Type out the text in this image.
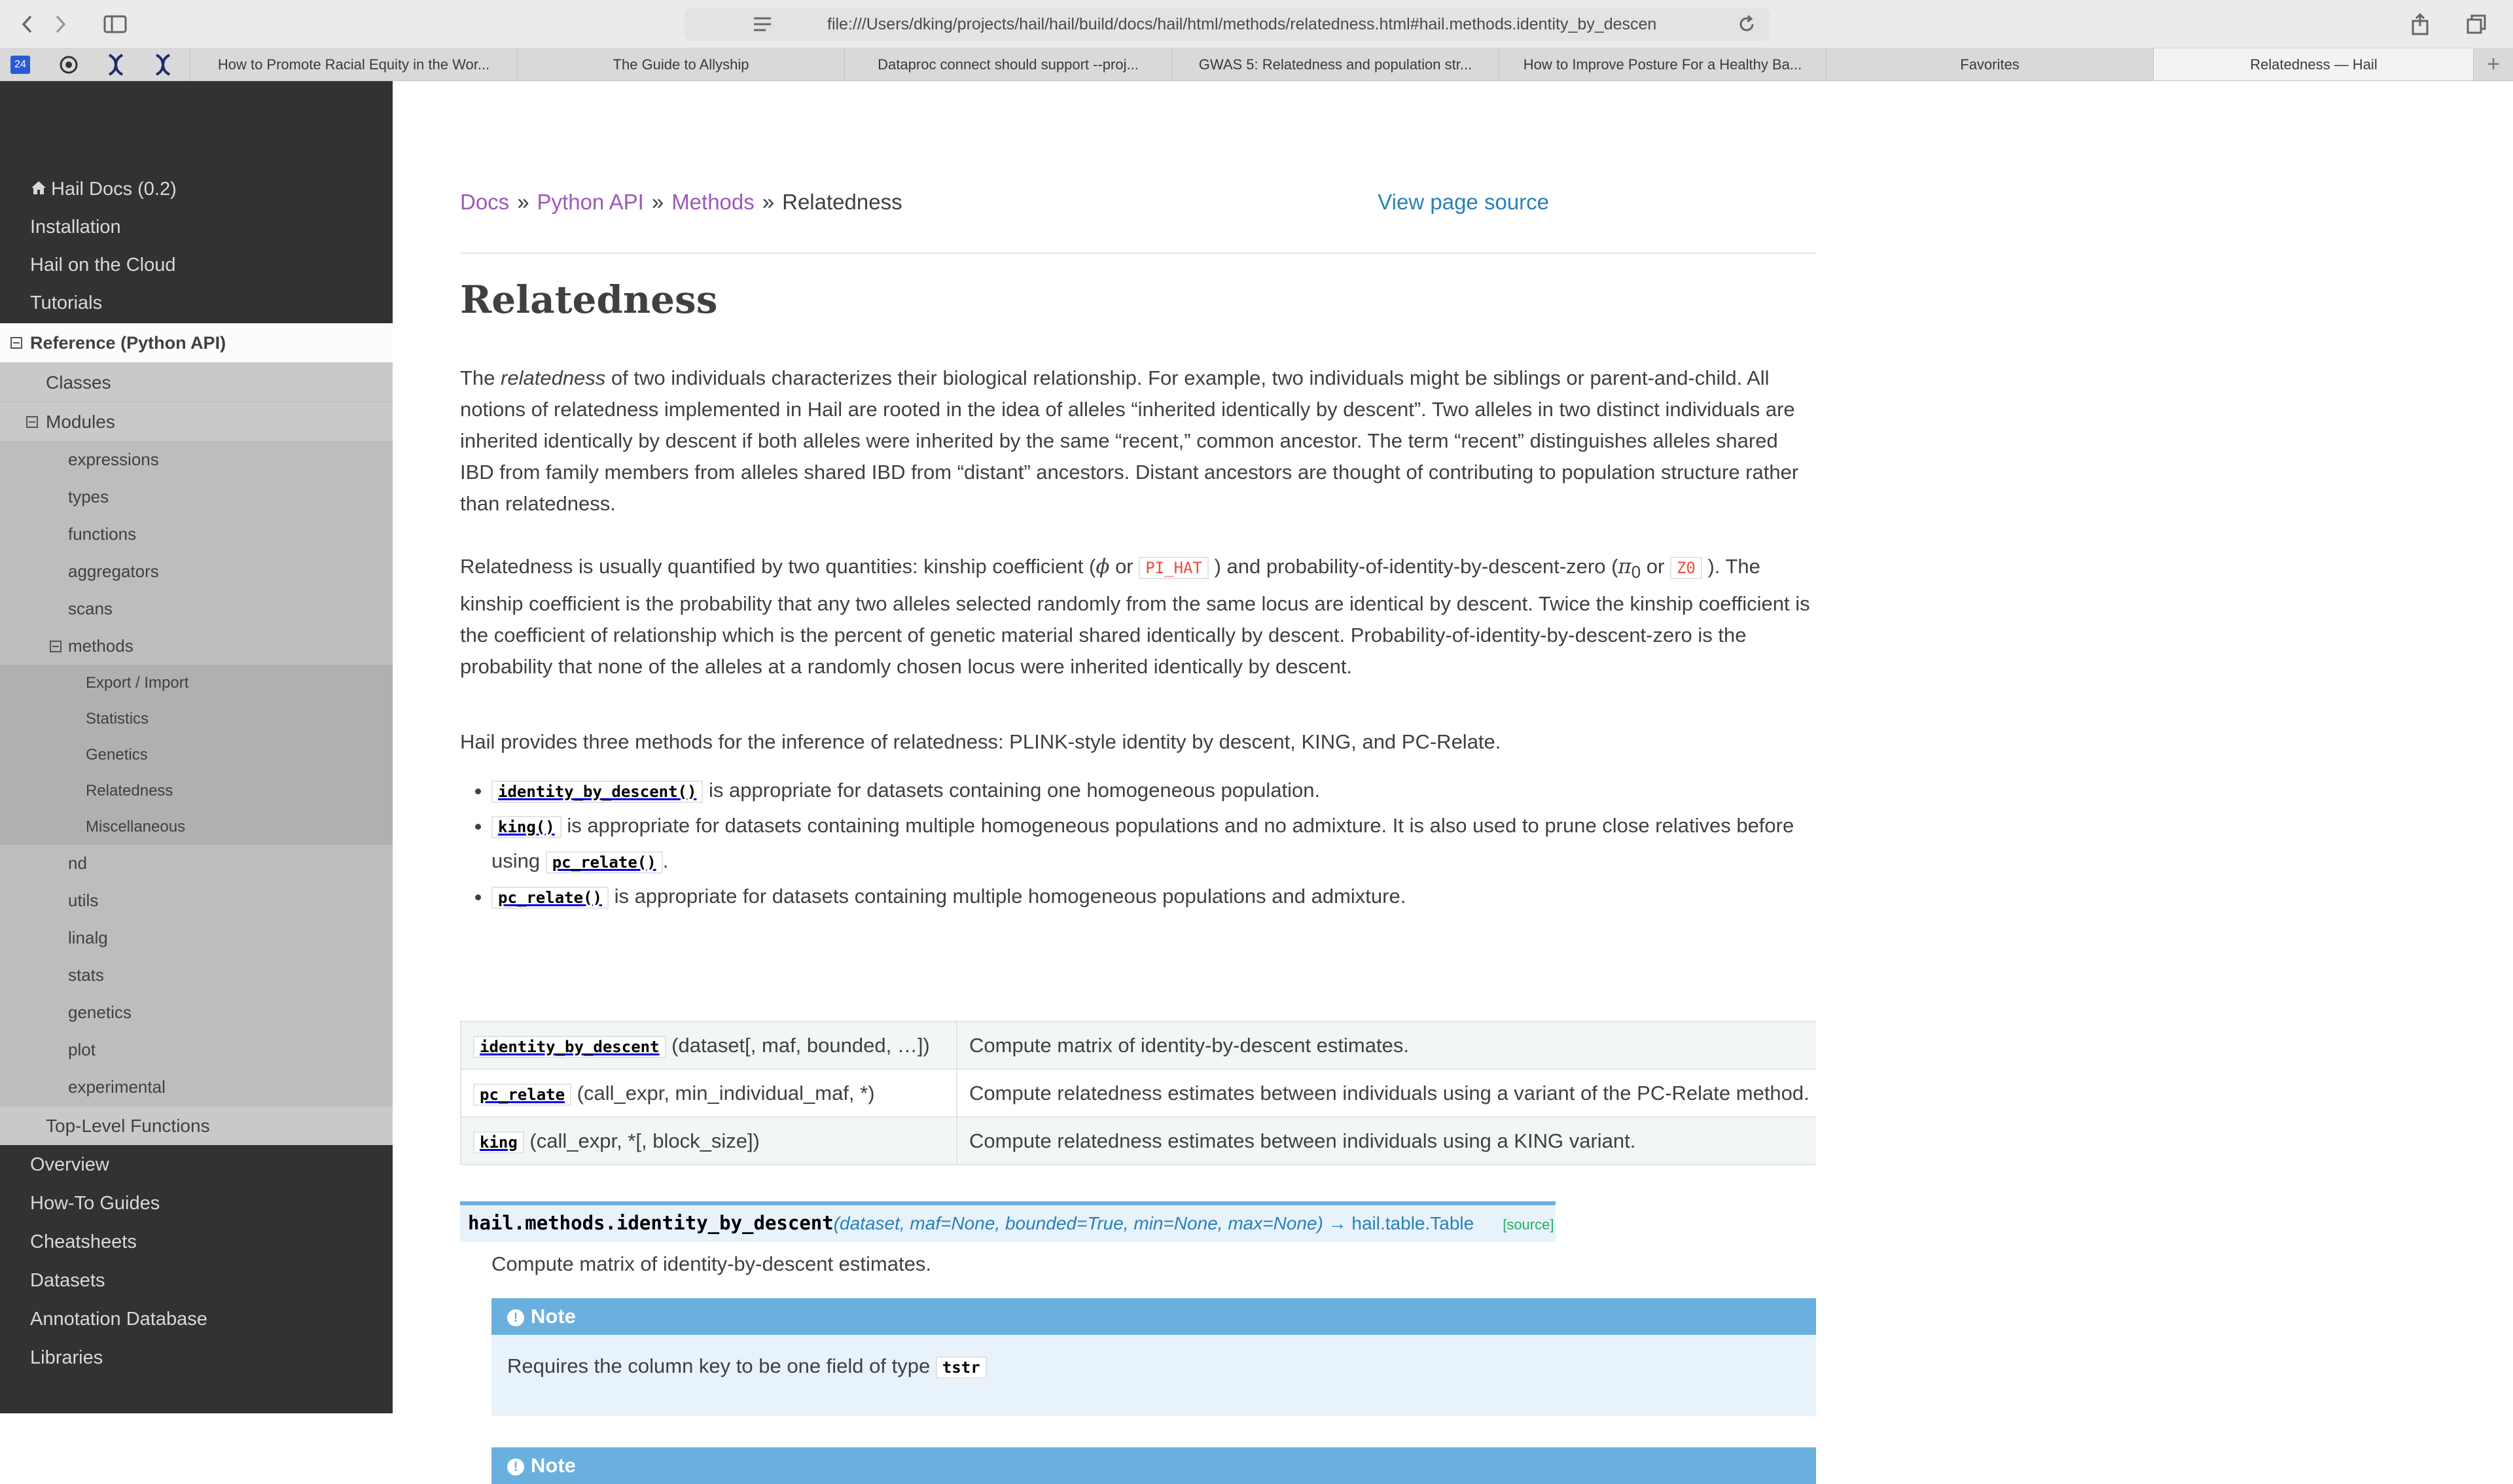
file:///Users/dking/projects/hail/hail/build/docs/hail/html/methods/relatedness.html#hail.methods.identity_by_descen
24	How to Promote Racial Equity in the Wor...	The Guide to Allyship	Dataproc connect should support --proj...	GWAS 5: Relatedness and population str...	How to Improve Posture For a Healthy Ba...	Favorites	Relatedness — Hail	+
Hail Docs (0.2)
Installation
Hail on the Cloud
Tutorials
Reference (Python API)
Classes
Modules
expressions
types
functions
aggregators
scans
methods
Export / Import
Statistics
Genetics
Relatedness
Miscellaneous
nd
utils
linalg
stats
genetics
plot
experimental
Top-Level Functions
Overview
How-To Guides
Cheatsheets
Datasets
Annotation Database
Libraries
Docs » Python API » Methods » Relatedness	View page source
Relatedness

The relatedness of two individuals characterizes their biological relationship. For example, two individuals might be siblings or parent-and-child. All notions of relatedness implemented in Hail are rooted in the idea of alleles “inherited identically by descent”. Two alleles in two distinct individuals are inherited identically by descent if both alleles were inherited by the same “recent,” common ancestor. The term “recent” distinguishes alleles shared IBD from family members from alleles shared IBD from “distant” ancestors. Distant ancestors are thought of contributing to population structure rather than relatedness.

Relatedness is usually quantified by two quantities: kinship coefficient (ϕ or PI_HAT ) and probability-of-identity-by-descent-zero ($\pi_0$ or Z0 ). The kinship coefficient is the probability that any two alleles selected randomly from the same locus are identical by descent. Twice the kinship coefficient is the coefficient of relationship which is the percent of genetic material shared identically by descent. Probability-of-identity-by-descent-zero is the probability that none of the alleles at a randomly chosen locus were inherited identically by descent.

Hail provides three methods for the inference of relatedness: PLINK-style identity by descent, KING, and PC-Relate.

• identity_by_descent() is appropriate for datasets containing one homogeneous population.
• king() is appropriate for datasets containing multiple homogeneous populations and no admixture. It is also used to prune close relatives before using pc_relate() .
• pc_relate() is appropriate for datasets containing multiple homogeneous populations and admixture.
identity_by_descent (dataset[, maf, bounded, …])	Compute matrix of identity-by-descent estimates.
pc_relate (call_expr, min_individual_maf, *)	Compute relatedness estimates between individuals using a variant of the PC-Relate method.
king (call_expr, *[, block_size])	Compute relatedness estimates between individuals using a KING variant.
hail.methods.identity_by_descent(dataset, maf=None, bounded=True, min=None, max=None) → hail.table.Table [source]
Compute matrix of identity-by-descent estimates.
! Note
Requires the column key to be one field of type tstr
! Note
